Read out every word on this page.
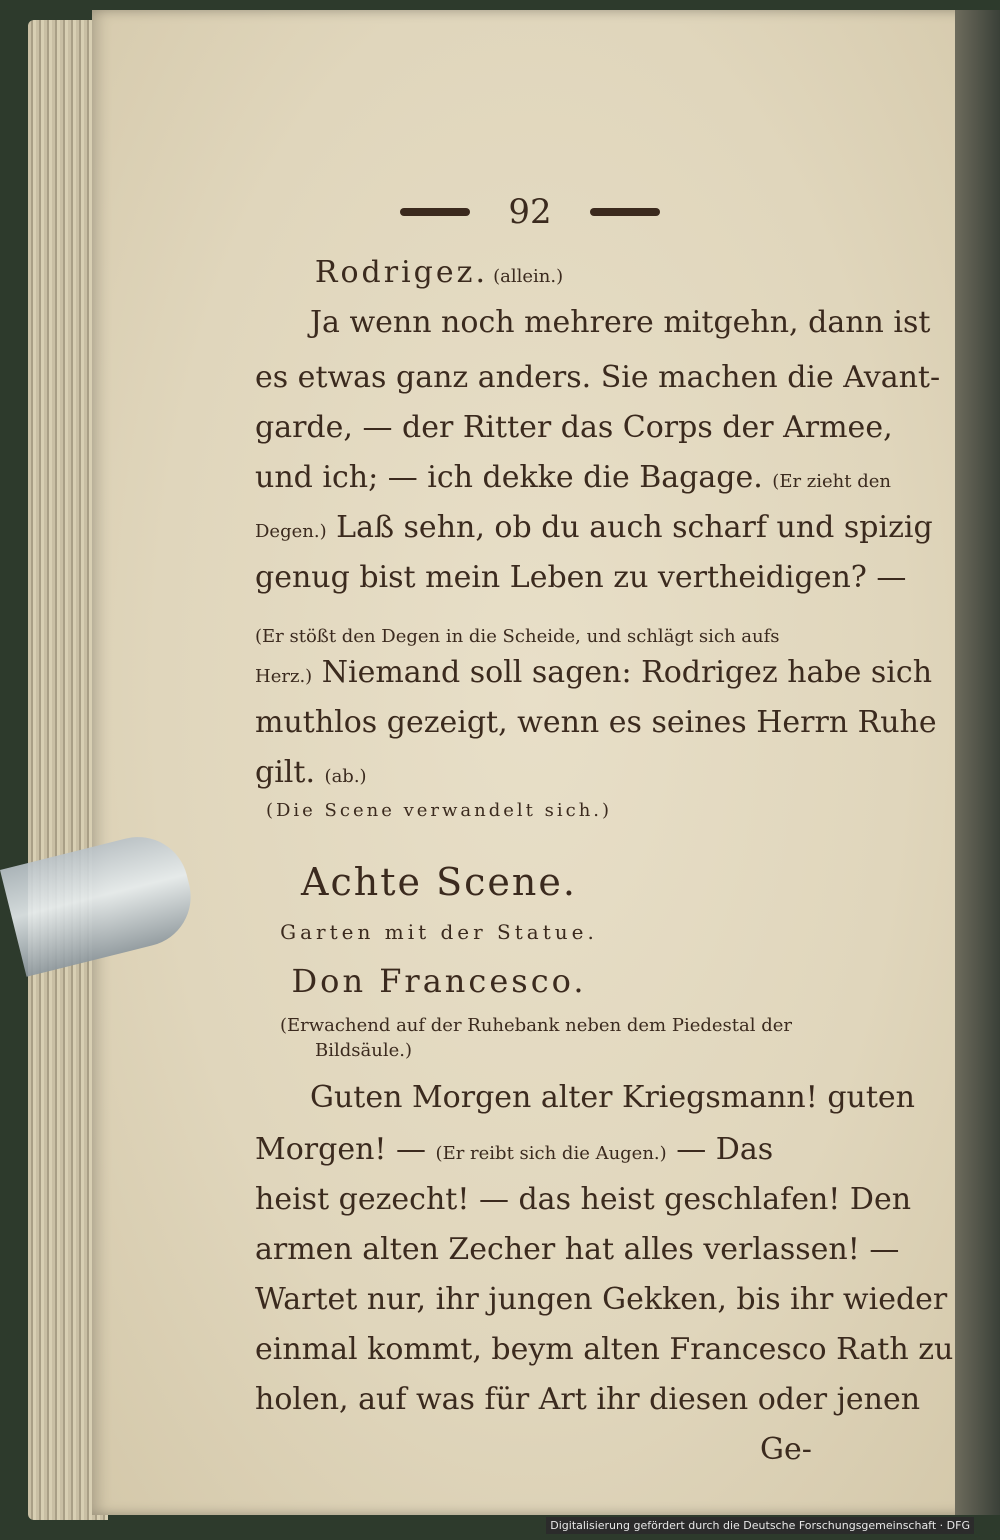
92
Rodrigez. (allein.)
Ja wenn noch mehrere mitgehn, dann ist
es etwas ganz anders. Sie machen die Avant-
garde, — der Ritter das Corps der Armee,
und ich; — ich dekke die Bagage. (Er zieht den
Degen.) Laß sehn, ob du auch scharf und spizig
genug bist mein Leben zu vertheidigen? —
(Er stößt den Degen in die Scheide, und schlägt sich aufs
Herz.) Niemand soll sagen: Rodrigez habe sich
muthlos gezeigt, wenn es seines Herrn Ruhe
gilt. (ab.)
(Die Scene verwandelt sich.)
Achte Scene.
Garten mit der Statue.
Don Francesco.
(Erwachend auf der Ruhebank neben dem Piedestal der
Bildsäule.)
Guten Morgen alter Kriegsmann! guten
Morgen! — (Er reibt sich die Augen.) — Das
heist gezecht! — das heist geschlafen! Den
armen alten Zecher hat alles verlassen! —
Wartet nur, ihr jungen Gekken, bis ihr wieder
einmal kommt, beym alten Francesco Rath zu
holen, auf was für Art ihr diesen oder jenen
Ge-
Digitalisierung gefördert durch die Deutsche Forschungsgemeinschaft · DFG
